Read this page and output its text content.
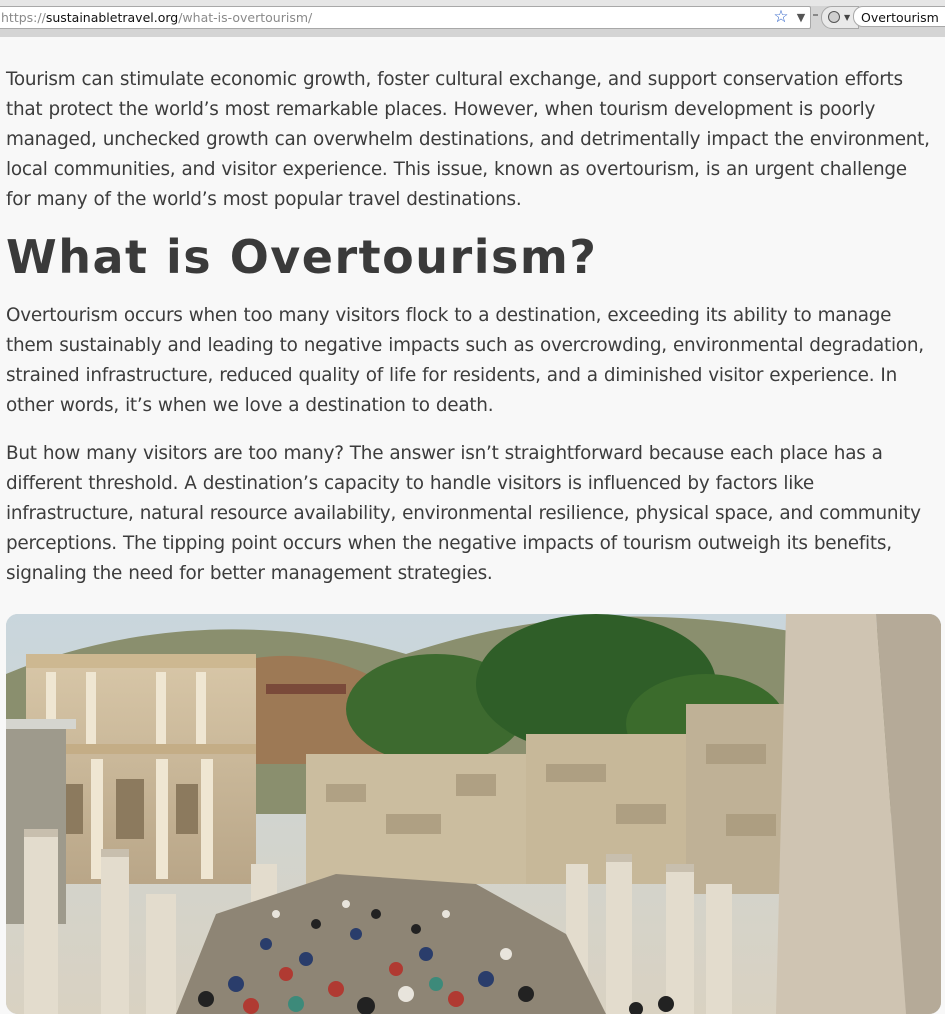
https://sustainabletravel.org/what-is-overtourism/	☆ ▼	▼ Overtourism

Tourism can stimulate economic growth, foster cultural exchange, and support conservation efforts that protect the world’s most remarkable places. However, when tourism development is poorly managed, unchecked growth can overwhelm destinations, and detrimentally impact the environment, local communities, and visitor experience. This issue, known as overtourism, is an urgent challenge for many of the world’s most popular travel destinations.

What is Overtourism?

Overtourism occurs when too many visitors flock to a destination, exceeding its ability to manage them sustainably and leading to negative impacts such as overcrowding, environmental degradation, strained infrastructure, reduced quality of life for residents, and a diminished visitor experience. In other words, it’s when we love a destination to death.

But how many visitors are too many? The answer isn’t straightforward because each place has a different threshold. A destination’s capacity to handle visitors is influenced by factors like infrastructure, natural resource availability, environmental resilience, physical space, and community perceptions. The tipping point occurs when the negative impacts of tourism outweigh its benefits, signaling the need for better management strategies.
